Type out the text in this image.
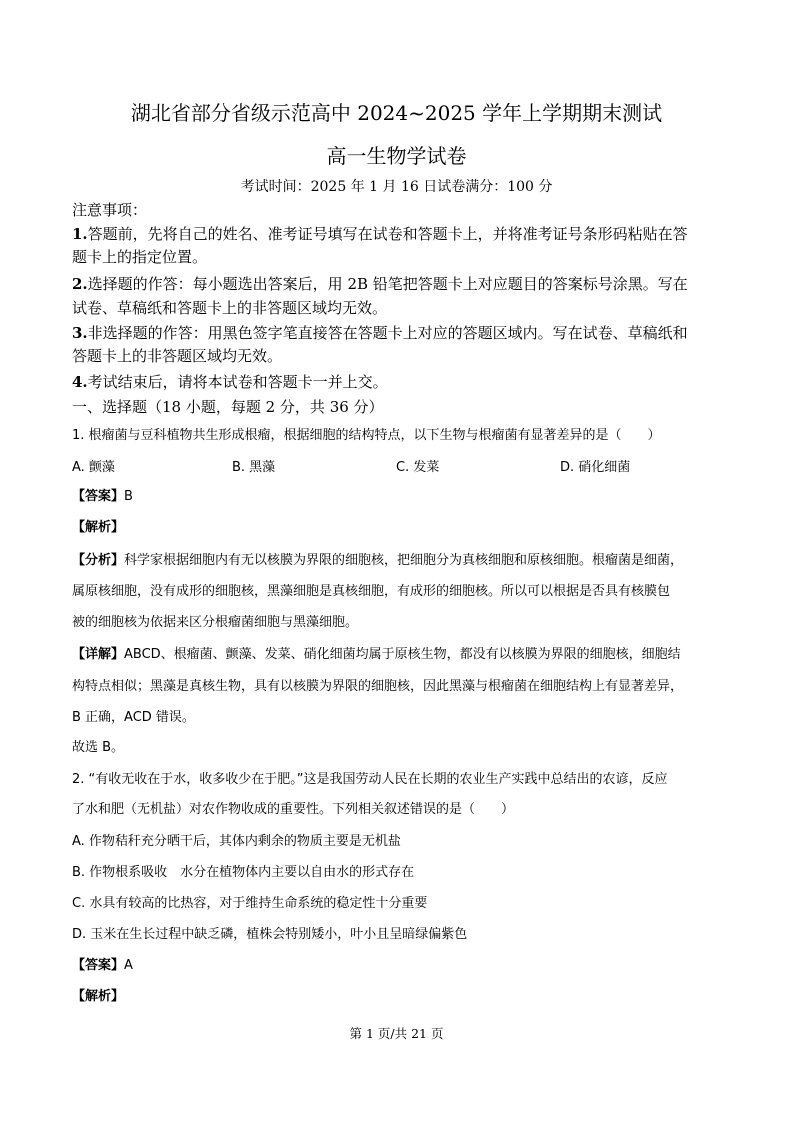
湖北省部分省级示范高中 2024~2025 学年上学期期末测试
高一生物学试卷
考试时间：2025 年 1 月 16 日试卷满分：100 分
注意事项：
1.答题前，先将自己的姓名、准考证号填写在试卷和答题卡上，并将准考证号条形码粘贴在答
题卡上的指定位置。
2.选择题的作答：每小题选出答案后，用 2B 铅笔把答题卡上对应题目的答案标号涂黑。写在
试卷、草稿纸和答题卡上的非答题区域均无效。
3.非选择题的作答：用黑色签字笔直接答在答题卡上对应的答题区域内。写在试卷、草稿纸和
答题卡上的非答题区域均无效。
4.考试结束后，请将本试卷和答题卡一并上交。
一、选择题（18 小题，每题 2 分，共 36 分）
1. 根瘤菌与豆科植物共生形成根瘤，根据细胞的结构特点，以下生物与根瘤菌有显著差异的是（　　）
A. 颤藻	B. 黑藻	C. 发菜	D. 硝化细菌
【答案】B
【解析】
【分析】科学家根据细胞内有无以核膜为界限的细胞核，把细胞分为真核细胞和原核细胞。根瘤菌是细菌，
属原核细胞，没有成形的细胞核，黑藻细胞是真核细胞，有成形的细胞核。所以可以根据是否具有核膜包
被的细胞核为依据来区分根瘤菌细胞与黑藻细胞。
【详解】ABCD、根瘤菌、颤藻、发菜、硝化细菌均属于原核生物，都没有以核膜为界限的细胞核，细胞结
构特点相似；黑藻是真核生物，具有以核膜为界限的细胞核，因此黑藻与根瘤菌在细胞结构上有显著差异，
B 正确，ACD 错误。
故选 B。
2. “有收无收在于水，收多收少在于肥。”这是我国劳动人民在长期的农业生产实践中总结出的农谚，反应
了水和肥（无机盐）对农作物收成的重要性。下列相关叙述错误的是（　　）
A. 作物秸秆充分晒干后，其体内剩余的物质主要是无机盐
B. 作物根系吸收　水分在植物体内主要以自由水的形式存在
C. 水具有较高的比热容，对于维持生命系统的稳定性十分重要
D. 玉米在生长过程中缺乏磷，植株会特别矮小，叶小且呈暗绿偏紫色
【答案】A
【解析】
第 1 页/共 21 页
